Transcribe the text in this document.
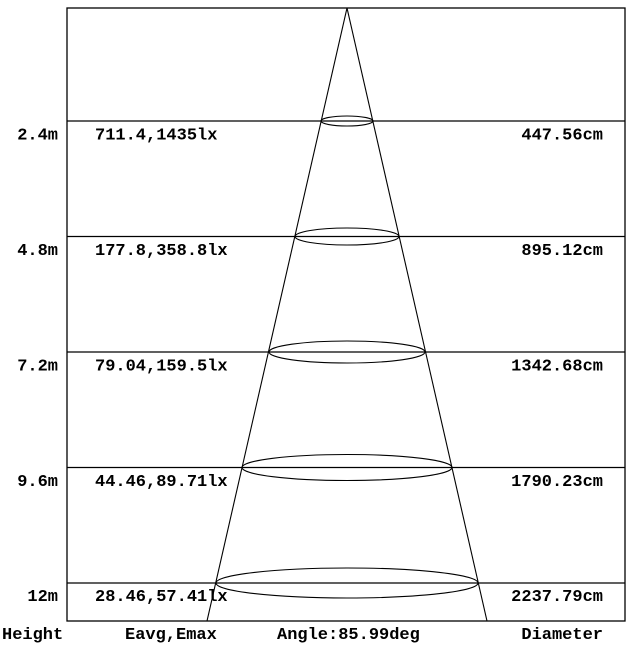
2.4m 711.4,1435lx	447.56cm
4.8m 177.8,358.8lx	895.12cm
7.2m 79.04,159.5lx	1342.68cm
9.6m 44.46,89.71lx	1790.23cm
12m 28.46,57.41lx	2237.79cm
Height	Eavg,Emax	Angle:85.99deg	Diameter
